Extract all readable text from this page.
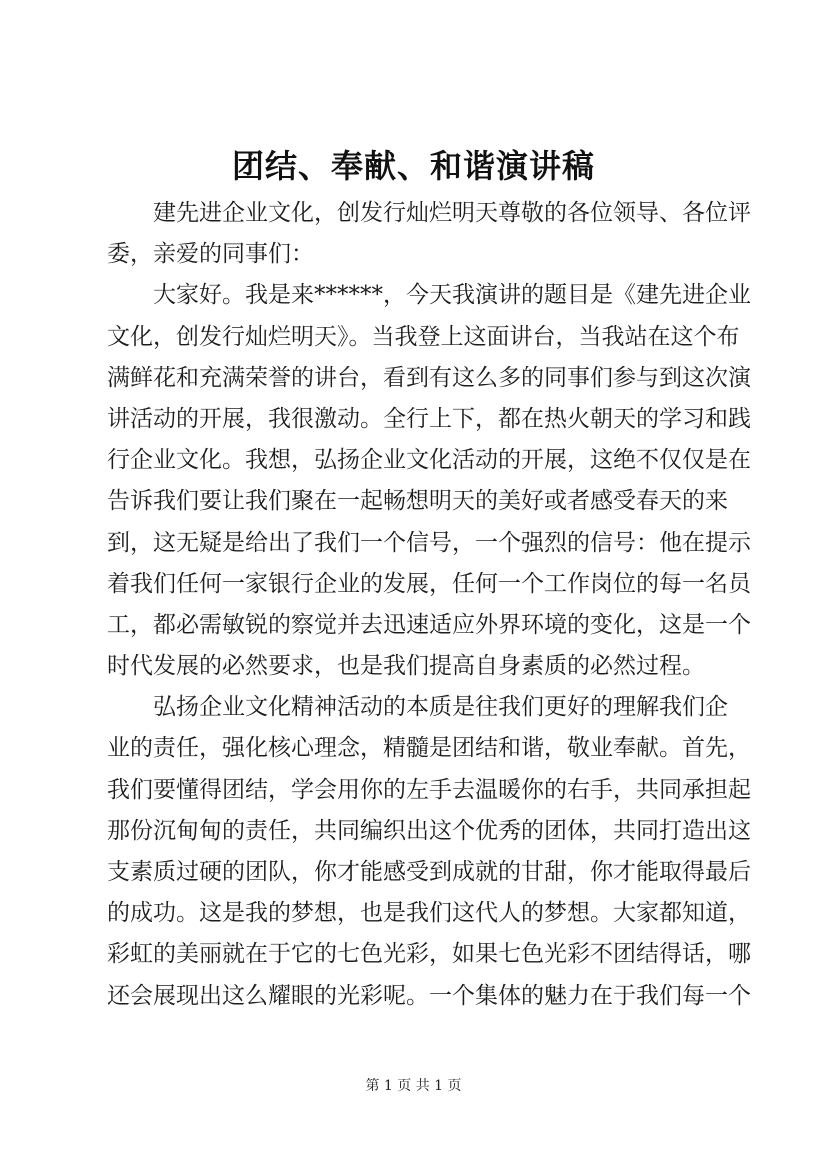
团结、奉献、和谐演讲稿
建先进企业文化，创发行灿烂明天尊敬的各位领导、各位评
委，亲爱的同事们：
大家好。我是来******，今天我演讲的题目是《建先进企业
文化，创发行灿烂明天》。当我登上这面讲台，当我站在这个布
满鲜花和充满荣誉的讲台，看到有这么多的同事们参与到这次演
讲活动的开展，我很激动。全行上下，都在热火朝天的学习和践
行企业文化。我想，弘扬企业文化活动的开展，这绝不仅仅是在
告诉我们要让我们聚在一起畅想明天的美好或者感受春天的来
到，这无疑是给出了我们一个信号，一个强烈的信号：他在提示
着我们任何一家银行企业的发展，任何一个工作岗位的每一名员
工，都必需敏锐的察觉并去迅速适应外界环境的变化，这是一个
时代发展的必然要求，也是我们提高自身素质的必然过程。
弘扬企业文化精神活动的本质是往我们更好的理解我们企
业的责任，强化核心理念，精髓是团结和谐，敬业奉献。首先，
我们要懂得团结，学会用你的左手去温暖你的右手，共同承担起
那份沉甸甸的责任，共同编织出这个优秀的团体，共同打造出这
支素质过硬的团队，你才能感受到成就的甘甜，你才能取得最后
的成功。这是我的梦想，也是我们这代人的梦想。大家都知道，
彩虹的美丽就在于它的七色光彩，如果七色光彩不团结得话，哪
还会展现出这么耀眼的光彩呢。一个集体的魅力在于我们每一个
第 1 页 共 1 页
